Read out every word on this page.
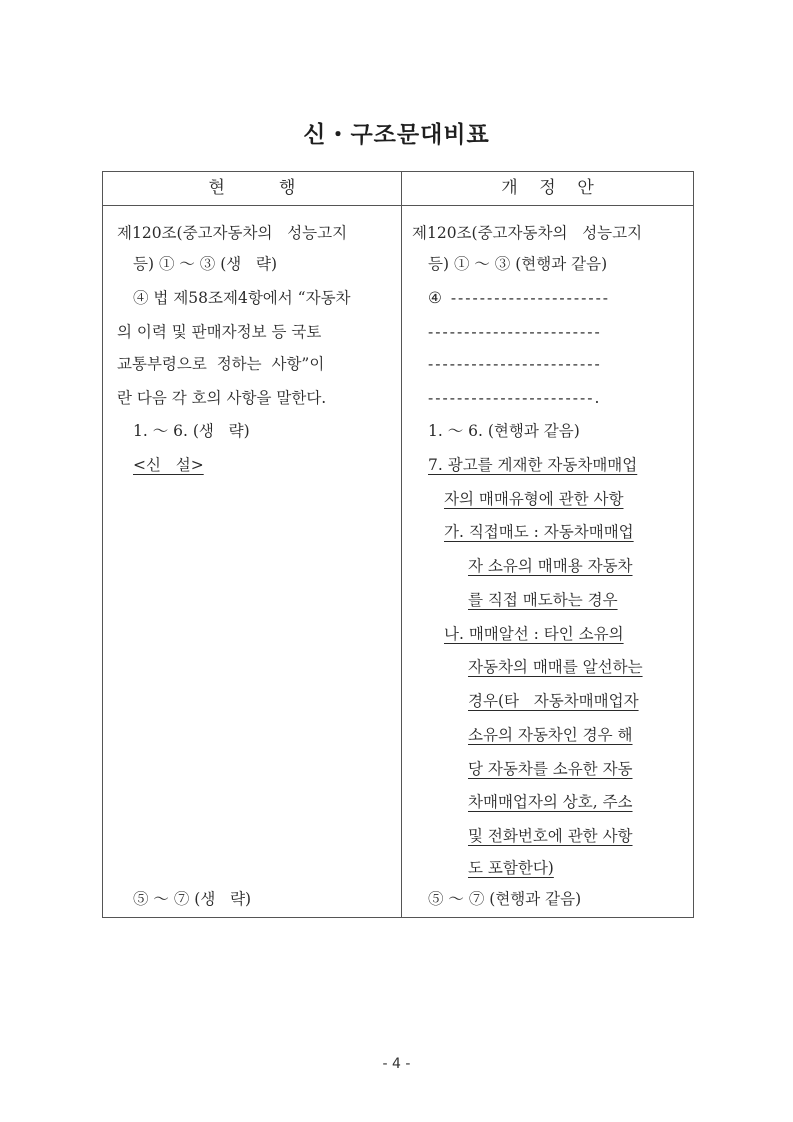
신・구조문대비표
현          행	개    정    안
제120조(중고자동차의   성능고지
등) ① ～ ③ (생   략)
④ 법 제58조제4항에서 “자동차
의 이력 및 판매자정보 등 국토
교통부령으로  정하는  사항”이
란 다음 각 호의 사항을 말한다.
1. ～ 6. (생   략)
<신   설>
⑤ ～ ⑦ (생   략)
제120조(중고자동차의   성능고지
등) ① ～ ③ (현행과 같음)
④ ----------------------
------------------------
------------------------
-----------------------.
1. ～ 6. (현행과 같음)
7. 광고를 게재한 자동차매매업
자의 매매유형에 관한 사항
가. 직접매도 : 자동차매매업
자 소유의 매매용 자동차
를 직접 매도하는 경우
나. 매매알선 : 타인 소유의
자동차의 매매를 알선하는
경우(타   자동차매매업자
소유의 자동차인 경우 해
당 자동차를 소유한 자동
차매매업자의 상호, 주소
및 전화번호에 관한 사항
도 포함한다)
⑤ ～ ⑦ (현행과 같음)
- 4 -
